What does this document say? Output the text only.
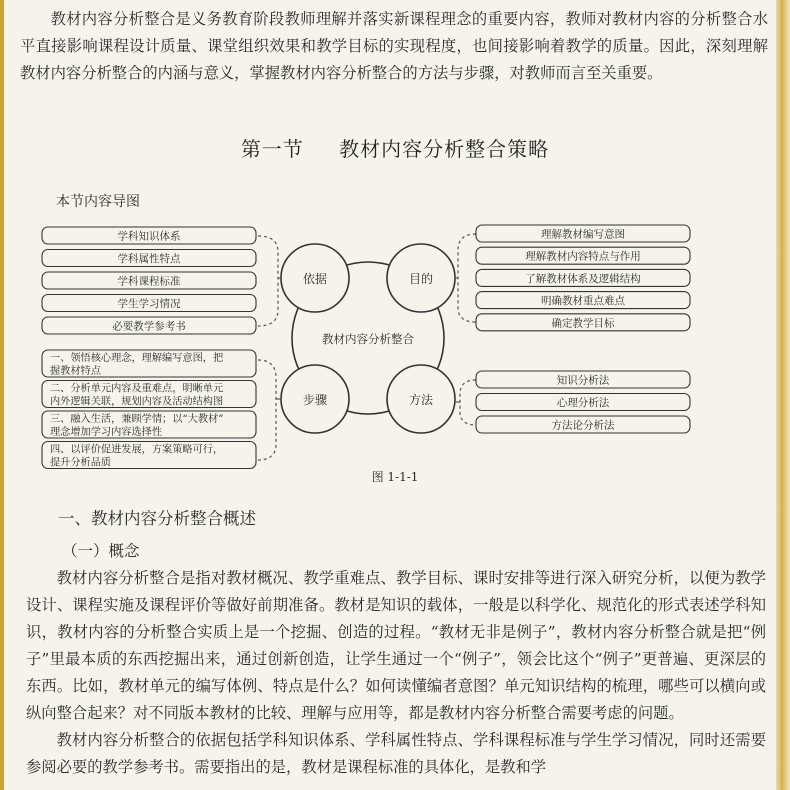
教材内容分析整合是义务教育阶段教师理解并落实新课程理念的重要内容，教师对教材内容的分析整合水平直接影响课程设计质量、课堂组织效果和教学目标的实现程度，也间接影响着教学的质量。因此，深刻理解教材内容分析整合的内涵与意义，掌握教材内容分析整合的方法与步骤，对教师而言至关重要。

第一节 教材内容分析整合策略
本节内容导图
教材内容分析整合
依据	目的
步骤	方法
学科知识体系
学科属性特点
学科课程标准
学生学习情况
必要教学参考书
理解教材编写意图
理解教材内容特点与作用
了解教材体系及逻辑结构
明确教材重点难点
确定教学目标
一、领悟核心理念，理解编写意图，把
握教材特点
二、分析单元内容及重难点，明晰单元
内外逻辑关联，规划内容及活动结构图
三、融入生活，兼顾学情；以“大教材”
理念增加学习内容选择性
四、以评价促进发展，方案策略可行，
提升分析品质
知识分析法
心理分析法
方法论分析法
图 1-1-1
一、教材内容分析整合概述
（一）概念

教材内容分析整合是指对教材概况、教学重难点、教学目标、课时安排等进行深入研究分析，以便为教学设计、课程实施及课程评价等做好前期准备。教材是知识的载体，一般是以科学化、规范化的形式表述学科知识，教材内容的分析整合实质上是一个挖掘、创造的过程。“教材无非是例子”，教材内容分析整合就是把“例子”里最本质的东西挖掘出来，通过创新创造，让学生通过一个“例子”，领会比这个“例子”更普遍、更深层的东西。比如，教材单元的编写体例、特点是什么？如何读懂编者意图？单元知识结构的梳理，哪些可以横向或纵向整合起来？对不同版本教材的比较、理解与应用等，都是教材内容分析整合需要考虑的问题。

教材内容分析整合的依据包括学科知识体系、学科属性特点、学科课程标准与学生学习情况，同时还需要参阅必要的教学参考书。需要指出的是，教材是课程标准的具体化，是教和学
